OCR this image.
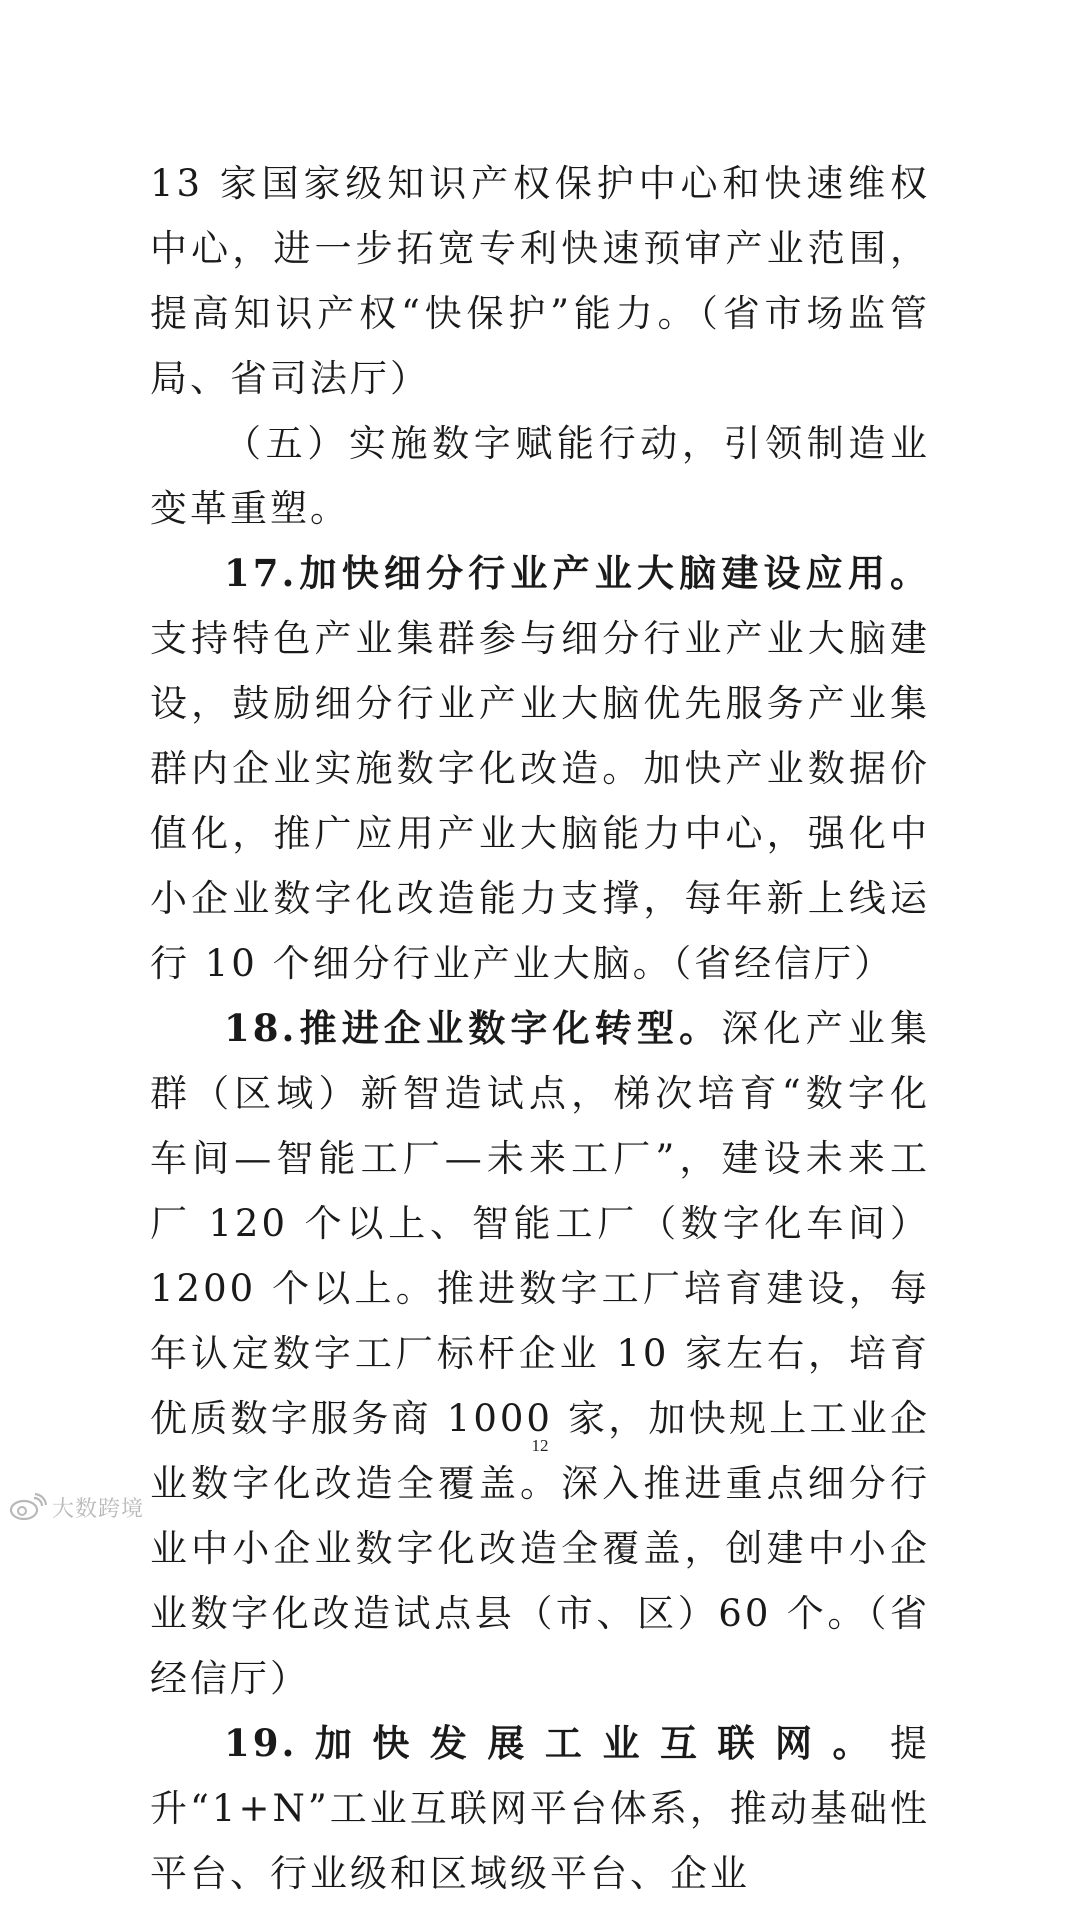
13 家国家级知识产权保护中心和快速维权中心，进一步拓宽专利快速预审产业范围，提高知识产权“快保护”能力。（省市场监管局、省司法厅）

（五）实施数字赋能行动，引领制造业变革重塑。

17.加快细分行业产业大脑建设应用。支持特色产业集群参与细分行业产业大脑建设，鼓励细分行业产业大脑优先服务产业集群内企业实施数字化改造。加快产业数据价值化，推广应用产业大脑能力中心，强化中小企业数字化改造能力支撑，每年新上线运行 10 个细分行业产业大脑。（省经信厅）

18.推进企业数字化转型。深化产业集群（区域）新智造试点，梯次培育“数字化车间—智能工厂—未来工厂”，建设未来工厂 120 个以上、智能工厂（数字化车间）1200 个以上。推进数字工厂培育建设，每年认定数字工厂标杆企业 10 家左右，培育优质数字服务商 1000 家，加快规上工业企业数字化改造全覆盖。深入推进重点细分行业中小企业数字化改造全覆盖，创建中小企业数字化改造试点县（市、区）60 个。（省经信厅）

19.加快发展工业互联网。提升“1+N”工业互联网平台体系，推动基础性平台、行业级和区域级平台、企业

12
大数跨境
